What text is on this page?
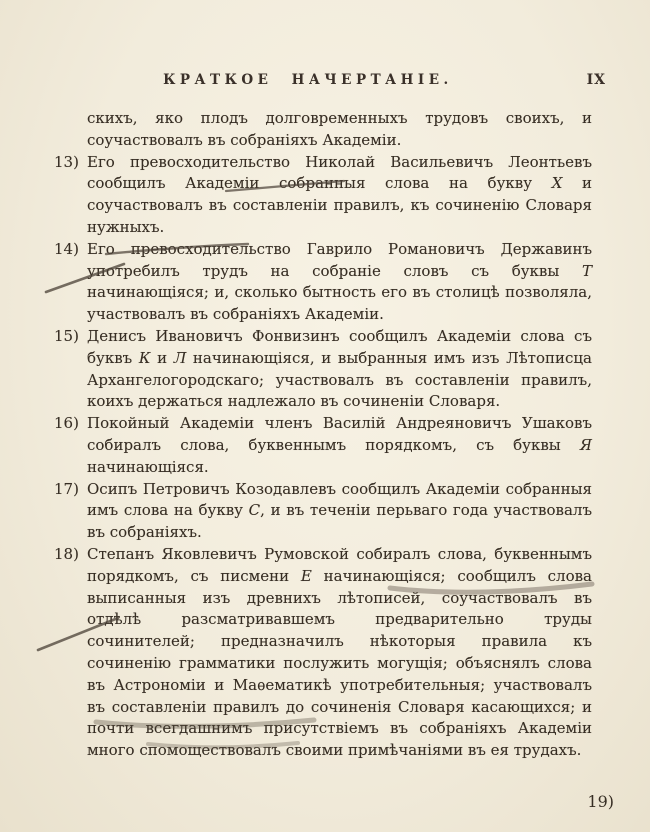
КРАТКОЕ НАЧЕРТАНІЕ.	IX
скихъ, яко плодъ долговременныхъ трудовъ своихъ, и соучаствовалъ въ собраніяхъ Академіи.
13) Его превосходительство Николай Васильевичъ Леонтьевъ сообщилъ Академіи собранныя слова на букву Х и соучаствовалъ въ составленіи правилъ, къ сочиненію Словаря нужныхъ.
14) Его превосходительство Гаврило Романовичъ Державинъ употребилъ трудъ на собраніе словъ съ буквы Т начинающіяся; и, сколько бытность его въ столицѣ позволяла, участвовалъ въ собраніяхъ Академіи.
15) Денисъ Ивановичъ Фонвизинъ сообщилъ Академіи слова съ буквъ К и Л начинающіяся, и выбранныя имъ изъ Лѣтописца Архангелогородскаго; участвовалъ въ составленіи правилъ, коихъ держаться надлежало въ сочиненіи Словаря.
16) Покойный Академіи членъ Василій Андреяновичъ Ушаковъ собиралъ слова, буквеннымъ порядкомъ, съ буквы Я начинающіяся.
17) Осипъ Петровичъ Козодавлевъ сообщилъ Академіи собранныя имъ слова на букву С, и въ теченіи перьваго года участвовалъ въ собраніяхъ.
18) Степанъ Яковлевичъ Румовской собиралъ слова, буквеннымъ порядкомъ, съ писмени Е начинающіяся; сообщилъ слова выписанныя изъ древнихъ лѣтописей, соучаствовалъ въ отдѣлѣ разсматривавшемъ предварительно труды сочинителей; предназначилъ нѣкоторыя правила къ сочиненію грамматики послужить могущія; объяснялъ слова въ Астрономіи и Маѳематикѣ употребительныя; участвовалъ въ составленіи правилъ до сочиненія Словаря касающихся; и почти всегдашнимъ присутствіемъ въ собраніяхъ Академіи много спомоществовалъ своими примѣчаніями въ ея трудахъ.
19)
